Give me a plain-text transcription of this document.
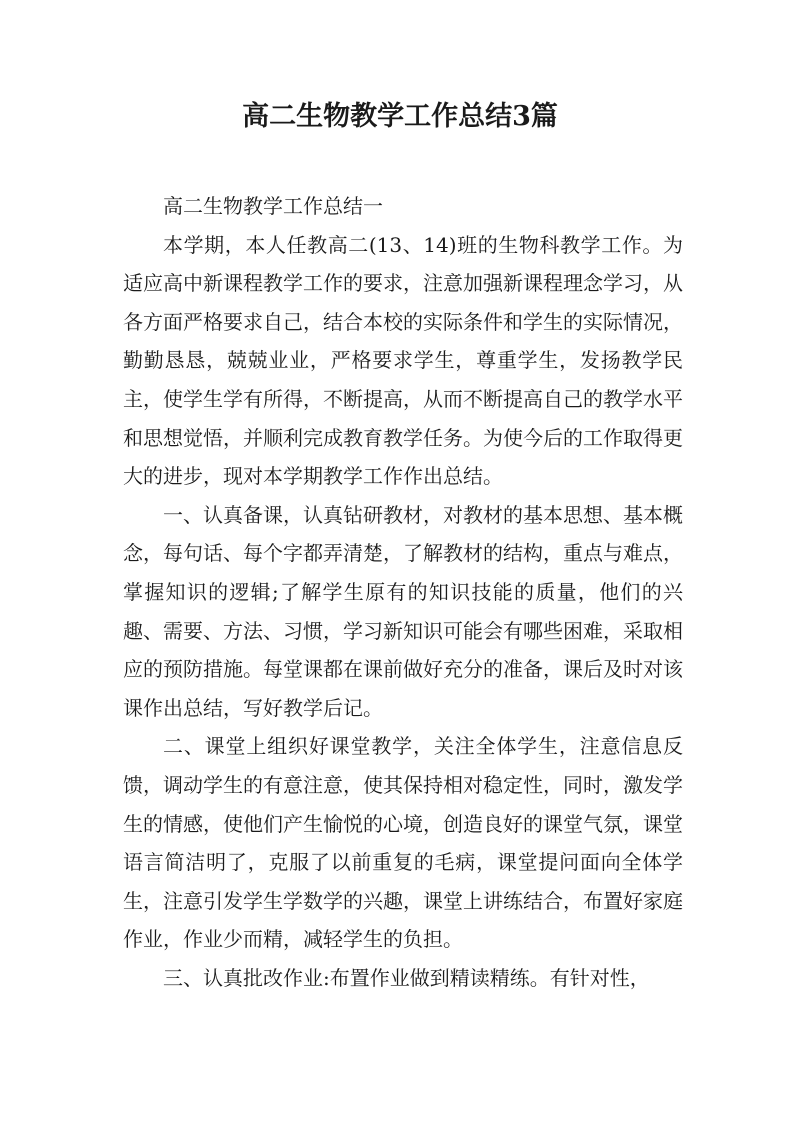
高二生物教学工作总结3篇

高二生物教学工作总结一

本学期，本人任教高二(13、14)班的生物科教学工作。为适应高中新课程教学工作的要求，注意加强新课程理念学习，从各方面严格要求自己，结合本校的实际条件和学生的实际情况，勤勤恳恳，兢兢业业，严格要求学生，尊重学生，发扬教学民主，使学生学有所得，不断提高，从而不断提高自己的教学水平和思想觉悟，并顺利完成教育教学任务。为使今后的工作取得更大的进步，现对本学期教学工作作出总结。

一、认真备课，认真钻研教材，对教材的基本思想、基本概念，每句话、每个字都弄清楚，了解教材的结构，重点与难点，掌握知识的逻辑;了解学生原有的知识技能的质量，他们的兴趣、需要、方法、习惯，学习新知识可能会有哪些困难，采取相应的预防措施。每堂课都在课前做好充分的准备，课后及时对该课作出总结，写好教学后记。

二、课堂上组织好课堂教学，关注全体学生，注意信息反馈，调动学生的有意注意，使其保持相对稳定性，同时，激发学生的情感，使他们产生愉悦的心境，创造良好的课堂气氛，课堂语言简洁明了，克服了以前重复的毛病，课堂提问面向全体学生，注意引发学生学数学的兴趣，课堂上讲练结合，布置好家庭作业，作业少而精，减轻学生的负担。

三、认真批改作业:布置作业做到精读精练。有针对性，
